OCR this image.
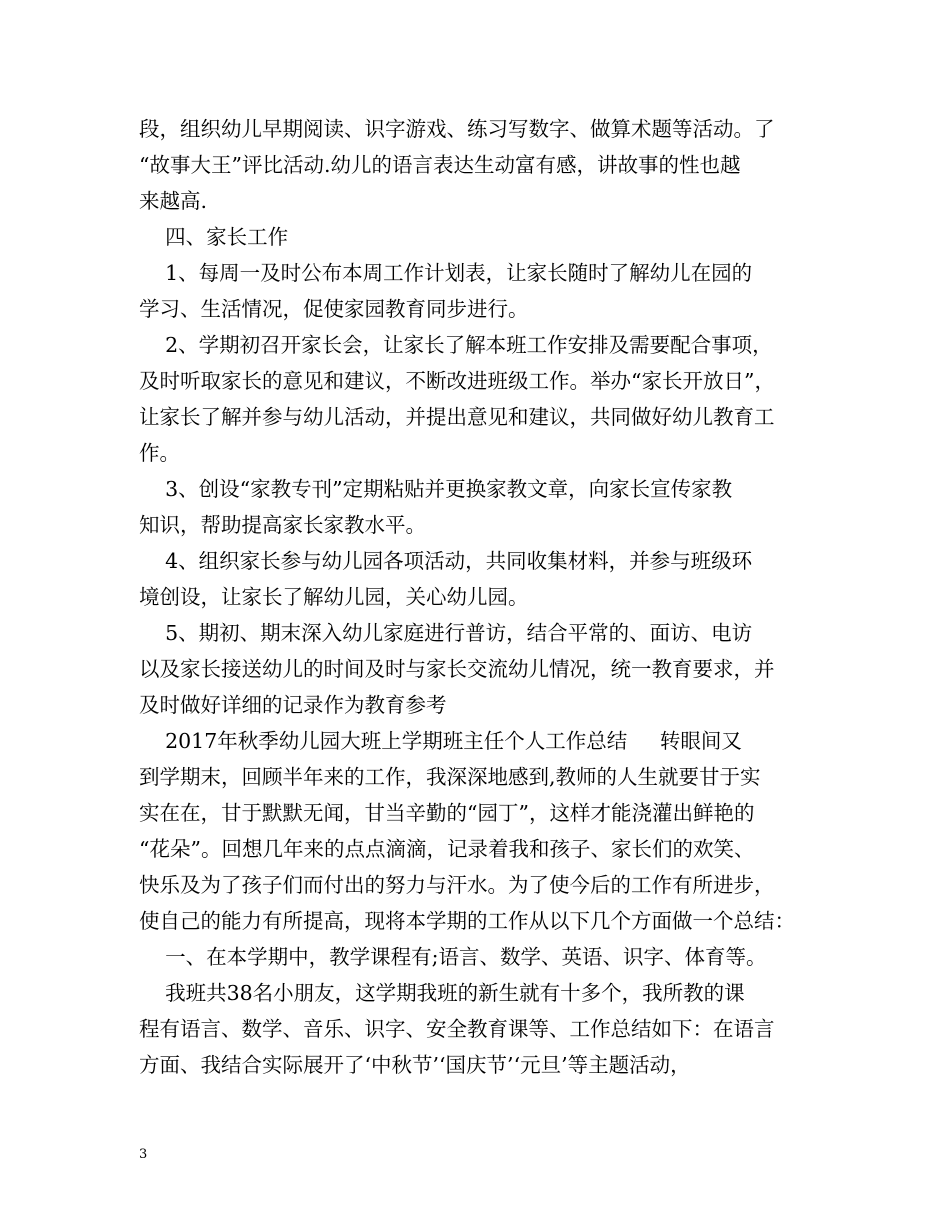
段，组织幼儿早期阅读、识字游戏、练习写数字、做算术题等活动。了
“故事大王”评比活动.幼儿的语言表达生动富有感，讲故事的性也越
来越高.
四、家长工作
1、每周一及时公布本周工作计划表，让家长随时了解幼儿在园的
学习、生活情况，促使家园教育同步进行。
2、学期初召开家长会，让家长了解本班工作安排及需要配合事项，
及时听取家长的意见和建议，不断改进班级工作。举办“家长开放日”，
让家长了解并参与幼儿活动，并提出意见和建议，共同做好幼儿教育工
作。
3、创设“家教专刊”定期粘贴并更换家教文章，向家长宣传家教
知识，帮助提高家长家教水平。
4、组织家长参与幼儿园各项活动，共同收集材料，并参与班级环
境创设，让家长了解幼儿园，关心幼儿园。
5、期初、期末深入幼儿家庭进行普访，结合平常的、面访、电访
以及家长接送幼儿的时间及时与家长交流幼儿情况，统一教育要求，并
及时做好详细的记录作为教育参考
2017年秋季幼儿园大班上学期班主任个人工作总结     转眼间又
到学期末，回顾半年来的工作，我深深地感到,教师的人生就要甘于实
实在在，甘于默默无闻，甘当辛勤的“园丁”，这样才能浇灌出鲜艳的
“花朵”。回想几年来的点点滴滴，记录着我和孩子、家长们的欢笑、
快乐及为了孩子们而付出的努力与汗水。为了使今后的工作有所进步，
使自己的能力有所提高，现将本学期的工作从以下几个方面做一个总结：
一、在本学期中，教学课程有;语言、数学、英语、识字、体育等。
我班共38名小朋友，这学期我班的新生就有十多个，我所教的课
程有语言、数学、音乐、识字、安全教育课等、工作总结如下：在语言
方面、我结合实际展开了‘中秋节’‘国庆节’‘元旦’等主题活动，
3
